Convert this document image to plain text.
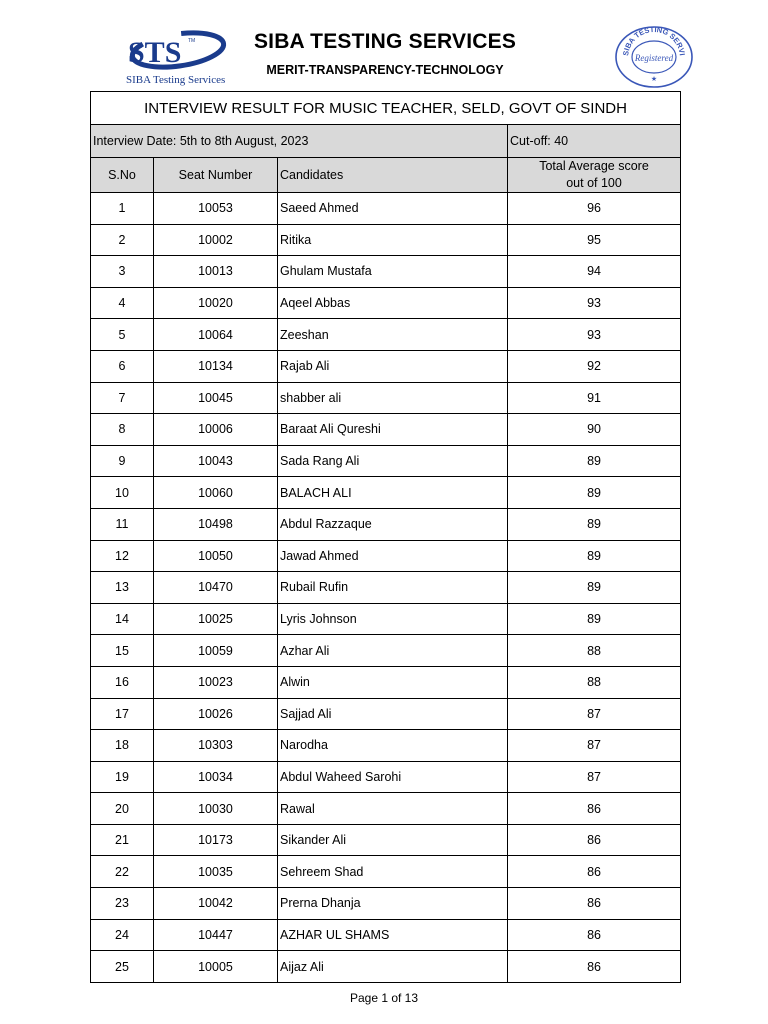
STS TM
SIBA Testing Services
SIBA TESTING SERVICES
MERIT-TRANSPARENCY-TECHNOLOGY
SIBA TESTING SERVI
Registered
★
INTERVIEW RESULT FOR MUSIC TEACHER, SELD, GOVT OF SINDH			
Interview Date: 5th to 8th August, 2023			Cut-off: 40
S.No	Seat Number	Candidates	Total Average score
out of 100
1	10053	Saeed Ahmed	96
2	10002	Ritika	95
3	10013	Ghulam Mustafa	94
4	10020	Aqeel Abbas	93
5	10064	Zeeshan	93
6	10134	Rajab Ali	92
7	10045	shabber ali	91
8	10006	Baraat Ali Qureshi	90
9	10043	Sada Rang Ali	89
10	10060	BALACH ALI	89
11	10498	Abdul Razzaque	89
12	10050	Jawad Ahmed	89
13	10470	Rubail Rufin	89
14	10025	Lyris Johnson	89
15	10059	Azhar Ali	88
16	10023	Alwin	88
17	10026	Sajjad Ali	87
18	10303	Narodha	87
19	10034	Abdul Waheed Sarohi	87
20	10030	Rawal	86
21	10173	Sikander Ali	86
22	10035	Sehreem Shad	86
23	10042	Prerna Dhanja	86
24	10447	AZHAR UL SHAMS	86
25	10005	Aijaz Ali	86
Page 1 of 13
